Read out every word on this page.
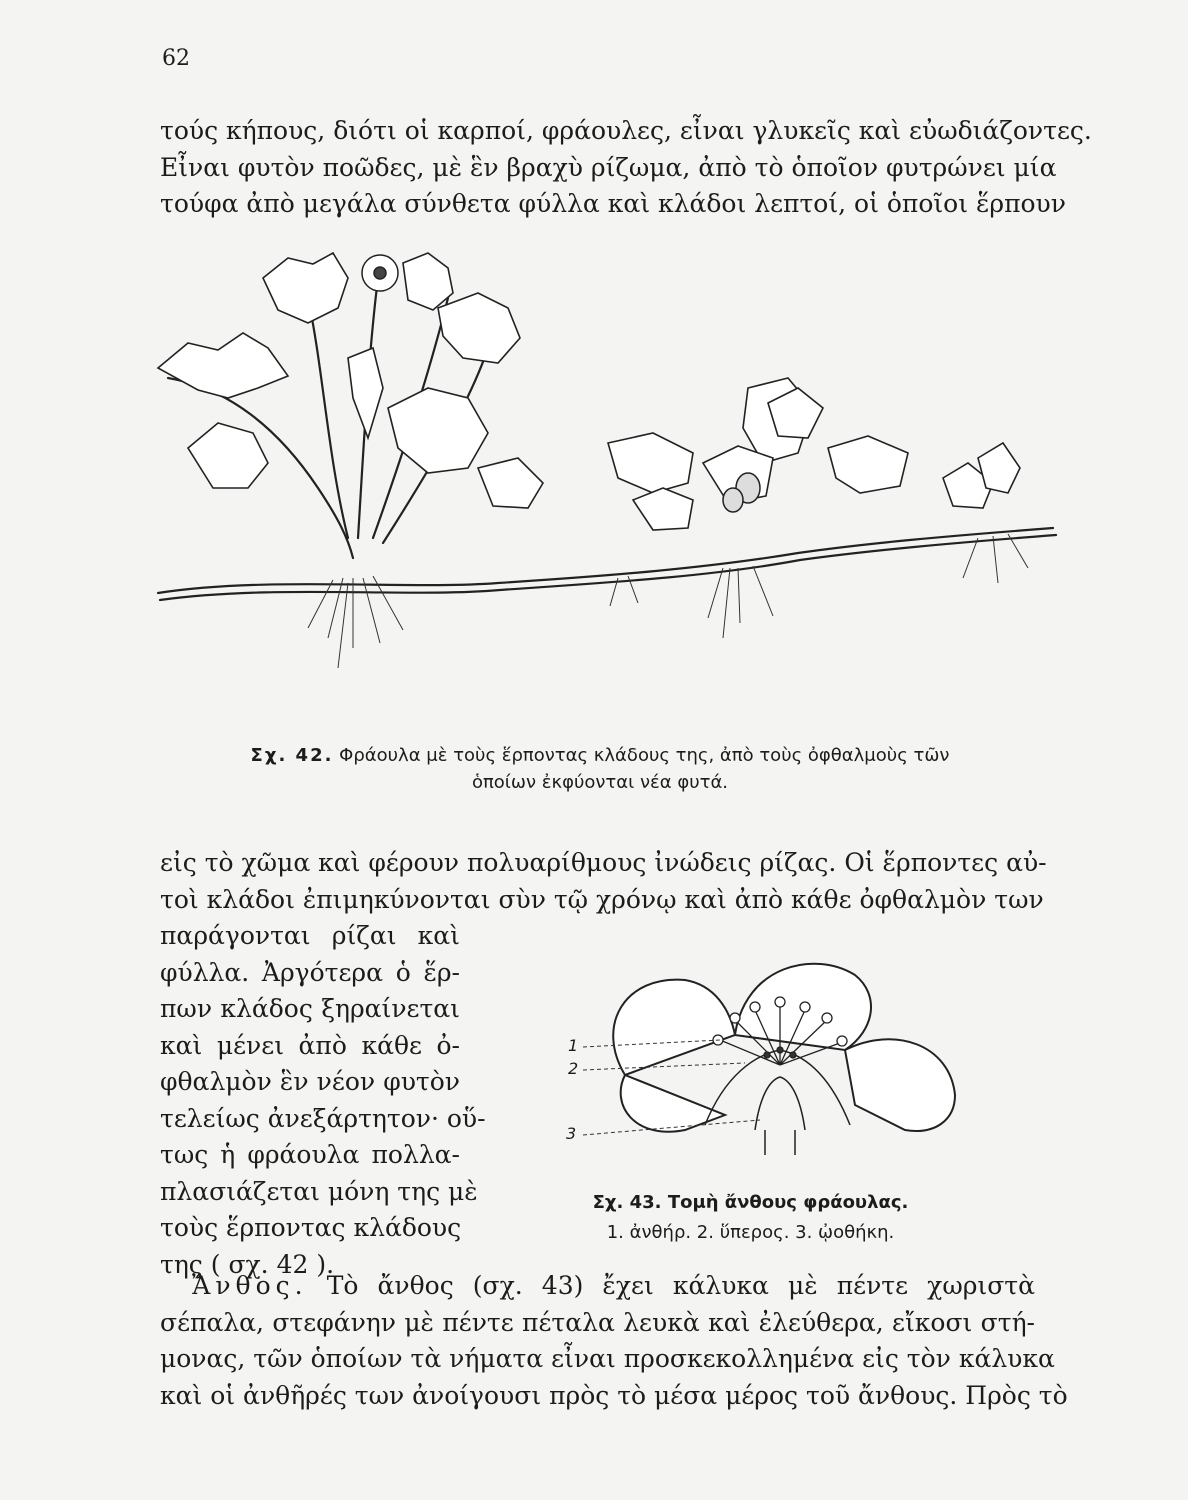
62

τούς κήπους, διότι οἱ καρποί, φράουλες, εἶναι γλυκεῖς καὶ εὐωδιάζοντες.
Εἶναι φυτὸν ποῶδες, μὲ ἓν βραχὺ ρίζωμα, ἀπὸ τὸ ὁποῖον φυτρώνει μία
τούφα ἀπὸ μεγάλα σύνθετα φύλλα καὶ κλάδοι λεπτοί, οἱ ὁποῖοι ἕρπουν

Σχ. 42. Φράουλα μὲ τοὺς ἕρποντας κλάδους της, ἀπὸ τοὺς ὀφθαλμοὺς τῶν
ὁποίων ἐκφύονται νέα φυτά.

εἰς τὸ χῶμα καὶ φέρουν πολυαρίθμους ἰνώδεις ρίζας. Οἱ ἕρποντες αὐ-
τοὶ κλάδοι ἐπιμηκύνονται σὺν τῷ χρόνῳ καὶ ἀπὸ κάθε ὀφθαλμὸν των
παράγονται ρίζαι καὶ
φύλλα. Ἀργότερα ὁ ἕρ-
πων κλάδος ξηραίνεται
καὶ μένει ἀπὸ κάθε ὀ-
φθαλμὸν ἓν νέον φυτὸν
τελείως ἀνεξάρτητον· οὕ-
τως ἡ φράουλα πολλα-
πλασιάζεται μόνη της μὲ
τοὺς ἕρποντας κλάδους
της ( σχ. 42 ).

1
2
3
Σχ. 43. Τομὴ ἄνθους φράουλας.
1. ἀνθήρ. 2. ὕπερος. 3. ᾠοθήκη.

Ἄνθος. Τὸ ἄνθος (σχ. 43) ἔχει κάλυκα μὲ πέντε χωριστὰ
σέπαλα, στεφάνην μὲ πέντε πέταλα λευκὰ καὶ ἐλεύθερα, εἴκοσι στή-
μονας, τῶν ὁποίων τὰ νήματα εἶναι προσκεκολλημένα εἰς τὸν κάλυκα
καὶ οἱ ἀνθῆρές των ἀνοίγουσι πρὸς τὸ μέσα μέρος τοῦ ἄνθους. Πρὸς τὸ
